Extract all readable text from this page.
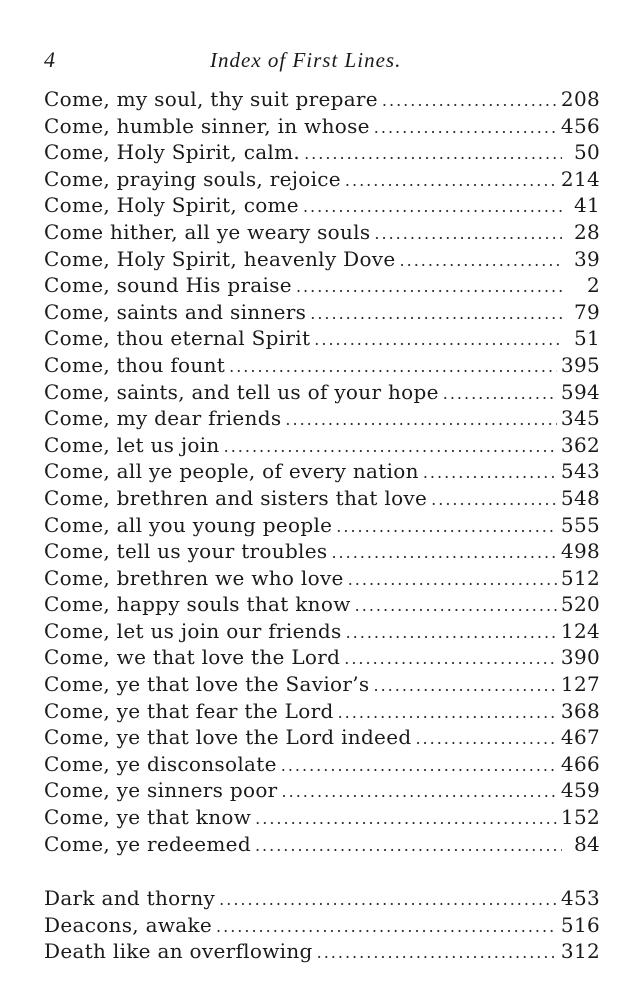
4	Index of First Lines.
Come, my soul, thy suit prepare .....	208
Come, humble sinner, in whose .....	456
Come, Holy Spirit, calm. .....	50
Come, praying souls, rejoice .....	214
Come, Holy Spirit, come .....	41
Come hither, all ye weary souls .....	28
Come, Holy Spirit, heavenly Dove .....	39
Come, sound His praise .....	2
Come, saints and sinners .....	79
Come, thou eternal Spirit .....	51
Come, thou fount .....	395
Come, saints, and tell us of your hope .....	594
Come, my dear friends .....	345
Come, let us join .....	362
Come, all ye people, of every nation .....	543
Come, brethren and sisters that love .....	548
Come, all you young people .....	555
Come, tell us your troubles .....	498
Come, brethren we who love .....	512
Come, happy souls that know .....	520
Come, let us join our friends .....	124
Come, we that love the Lord .....	390
Come, ye that love the Savior’s .....	127
Come, ye that fear the Lord .....	368
Come, ye that love the Lord indeed .....	467
Come, ye disconsolate .....	466
Come, ye sinners poor .....	459
Come, ye that know .....	152
Come, ye redeemed .....	84
Dark and thorny .....	453
Deacons, awake .....	516
Death like an overflowing .....	312
